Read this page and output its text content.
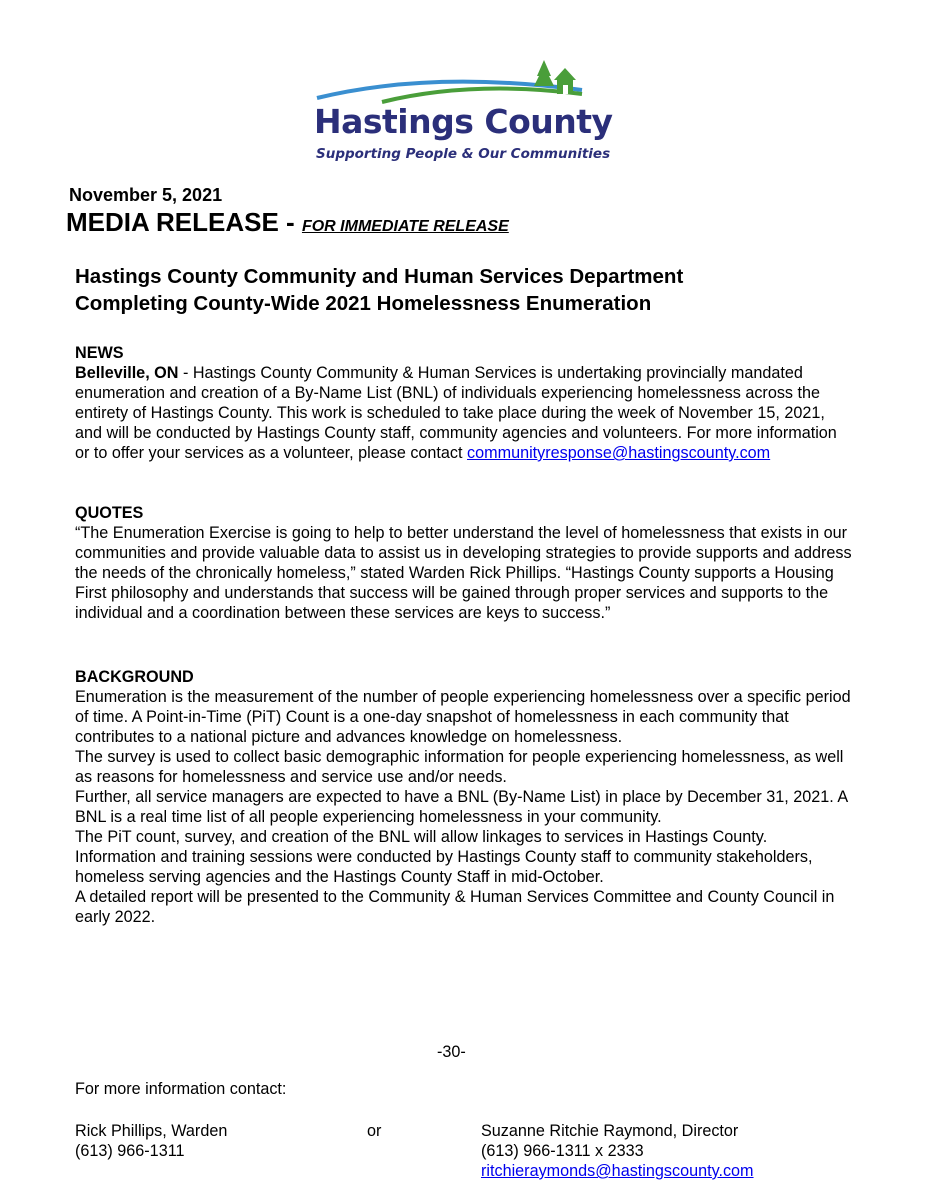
Hastings County
Supporting People & Our Communities
November 5, 2021
MEDIA RELEASE - FOR IMMEDIATE RELEASE
Hastings County Community and Human Services Department
Completing County-Wide 2021 Homelessness Enumeration
NEWS

Belleville, ON - Hastings County Community & Human Services is undertaking provincially mandated enumeration and creation of a By-Name List (BNL) of individuals experiencing homelessness across the entirety of Hastings County. This work is scheduled to take place during the week of November 15, 2021, and will be conducted by Hastings County staff, community agencies and volunteers. For more information or to offer your services as a volunteer, please contact communityresponse@hastingscounty.com

QUOTES

“The Enumeration Exercise is going to help to better understand the level of homelessness that exists in our communities and provide valuable data to assist us in developing strategies to provide supports and address the needs of the chronically homeless,” stated Warden Rick Phillips. “Hastings County supports a Housing First philosophy and understands that success will be gained through proper services and supports to the individual and a coordination between these services are keys to success.”

BACKGROUND

Enumeration is the measurement of the number of people experiencing homelessness over a specific period of time. A Point-in-Time (PiT) Count is a one-day snapshot of homelessness in each community that contributes to a national picture and advances knowledge on homelessness.

The survey is used to collect basic demographic information for people experiencing homelessness, as well as reasons for homelessness and service use and/or needs.

Further, all service managers are expected to have a BNL (By-Name List) in place by December 31, 2021. A BNL is a real time list of all people experiencing homelessness in your community.

The PiT count, survey, and creation of the BNL will allow linkages to services in Hastings County.

Information and training sessions were conducted by Hastings County staff to community stakeholders, homeless serving agencies and the Hastings County Staff in mid-October.

A detailed report will be presented to the Community & Human Services Committee and County Council in early 2022.

-30-
For more information contact:
Rick Phillips, Warden
(613) 966-1311
or	Suzanne Ritchie Raymond, Director
(613) 966-1311 x 2333
ritchieraymonds@hastingscounty.com
